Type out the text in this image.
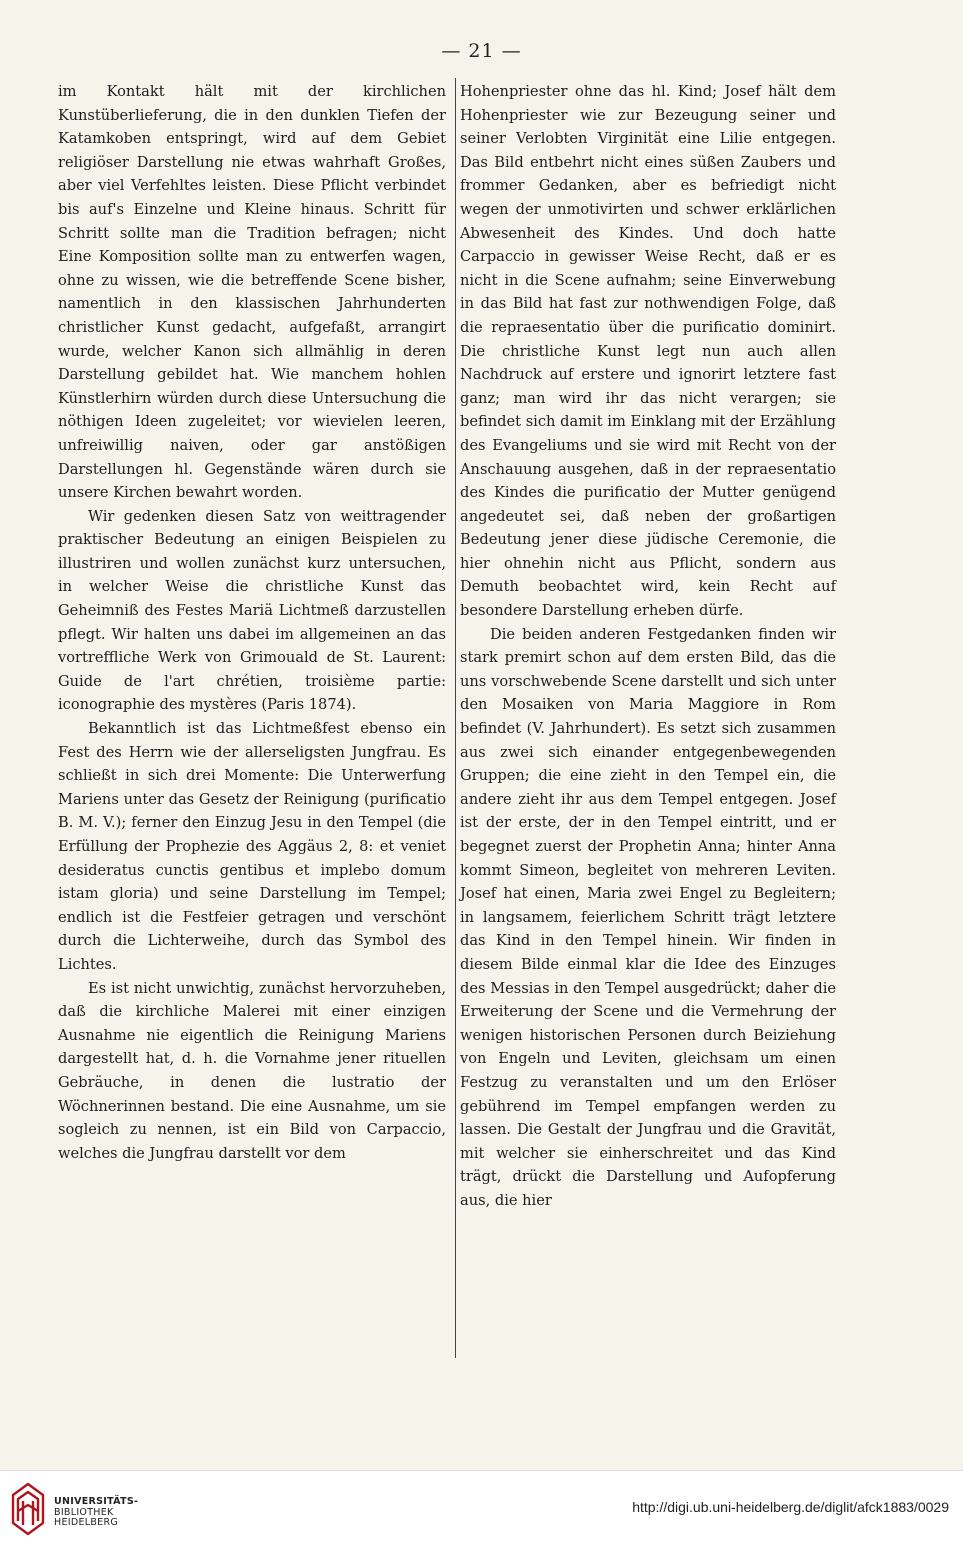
— 21 —

im Kontakt hält mit der kirchlichen Kunstüberlieferung, die in den dunklen Tiefen der Katamkoben entspringt, wird auf dem Gebiet religiöser Darstellung nie etwas wahrhaft Großes, aber viel Verfehltes leisten. Diese Pflicht verbindet bis auf's Einzelne und Kleine hinaus. Schritt für Schritt sollte man die Tradition befragen; nicht Eine Komposition sollte man zu entwerfen wagen, ohne zu wissen, wie die betreffende Scene bisher, namentlich in den klassischen Jahrhunderten christlicher Kunst gedacht, aufgefaßt, arrangirt wurde, welcher Kanon sich allmählig in deren Darstellung gebildet hat. Wie manchem hohlen Künstlerhirn würden durch diese Untersuchung die nöthigen Ideen zugeleitet; vor wievielen leeren, unfreiwillig naiven, oder gar anstößigen Darstellungen hl. Gegenstände wären durch sie unsere Kirchen bewahrt worden.

Wir gedenken diesen Satz von weittragender praktischer Bedeutung an einigen Beispielen zu illustriren und wollen zunächst kurz untersuchen, in welcher Weise die christliche Kunst das Geheimniß des Festes Mariä Lichtmeß darzustellen pflegt. Wir halten uns dabei im allgemeinen an das vortreffliche Werk von Grimouald de St. Laurent: Guide de l'art chrétien, troisième partie: iconographie des mystères (Paris 1874).

Bekanntlich ist das Lichtmeßfest ebenso ein Fest des Herrn wie der allerseligsten Jungfrau. Es schließt in sich drei Momente: Die Unterwerfung Mariens unter das Gesetz der Reinigung (purificatio B. M. V.); ferner den Einzug Jesu in den Tempel (die Erfüllung der Prophezie des Aggäus 2, 8: et veniet desideratus cunctis gentibus et implebo domum istam gloria) und seine Darstellung im Tempel; endlich ist die Festfeier getragen und verschönt durch die Lichterweihe, durch das Symbol des Lichtes.

Es ist nicht unwichtig, zunächst hervorzuheben, daß die kirchliche Malerei mit einer einzigen Ausnahme nie eigentlich die Reinigung Mariens dargestellt hat, d. h. die Vornahme jener rituellen Gebräuche, in denen die lustratio der Wöchnerinnen bestand. Die eine Ausnahme, um sie sogleich zu nennen, ist ein Bild von Carpaccio, welches die Jungfrau darstellt vor dem

Hohenpriester ohne das hl. Kind; Josef hält dem Hohenpriester wie zur Bezeugung seiner und seiner Verlobten Virginität eine Lilie entgegen. Das Bild entbehrt nicht eines süßen Zaubers und frommer Gedanken, aber es befriedigt nicht wegen der unmotivirten und schwer erklärlichen Abwesenheit des Kindes. Und doch hatte Carpaccio in gewisser Weise Recht, daß er es nicht in die Scene aufnahm; seine Einverwebung in das Bild hat fast zur nothwendigen Folge, daß die repraesentatio über die purificatio dominirt. Die christliche Kunst legt nun auch allen Nachdruck auf erstere und ignorirt letztere fast ganz; man wird ihr das nicht verargen; sie befindet sich damit im Einklang mit der Erzählung des Evangeliums und sie wird mit Recht von der Anschauung ausgehen, daß in der repraesentatio des Kindes die purificatio der Mutter genügend angedeutet sei, daß neben der großartigen Bedeutung jener diese jüdische Ceremonie, die hier ohnehin nicht aus Pflicht, sondern aus Demuth beobachtet wird, kein Recht auf besondere Darstellung erheben dürfe.

Die beiden anderen Festgedanken finden wir stark premirt schon auf dem ersten Bild, das die uns vorschwebende Scene darstellt und sich unter den Mosaiken von Maria Maggiore in Rom befindet (V. Jahrhundert). Es setzt sich zusammen aus zwei sich einander entgegenbewegenden Gruppen; die eine zieht in den Tempel ein, die andere zieht ihr aus dem Tempel entgegen. Josef ist der erste, der in den Tempel eintritt, und er begegnet zuerst der Prophetin Anna; hinter Anna kommt Simeon, begleitet von mehreren Leviten. Josef hat einen, Maria zwei Engel zu Begleitern; in langsamem, feierlichem Schritt trägt letztere das Kind in den Tempel hinein. Wir finden in diesem Bilde einmal klar die Idee des Einzuges des Messias in den Tempel ausgedrückt; daher die Erweiterung der Scene und die Vermehrung der wenigen historischen Personen durch Beiziehung von Engeln und Leviten, gleichsam um einen Festzug zu veranstalten und um den Erlöser gebührend im Tempel empfangen werden zu lassen. Die Gestalt der Jungfrau und die Gravität, mit welcher sie einherschreitet und das Kind trägt, drückt die Darstellung und Aufopferung aus, die hier

UNIVERSITÄTS-
BIBLIOTHEK
HEIDELBERG
http://digi.ub.uni-heidelberg.de/diglit/afck1883/0029
